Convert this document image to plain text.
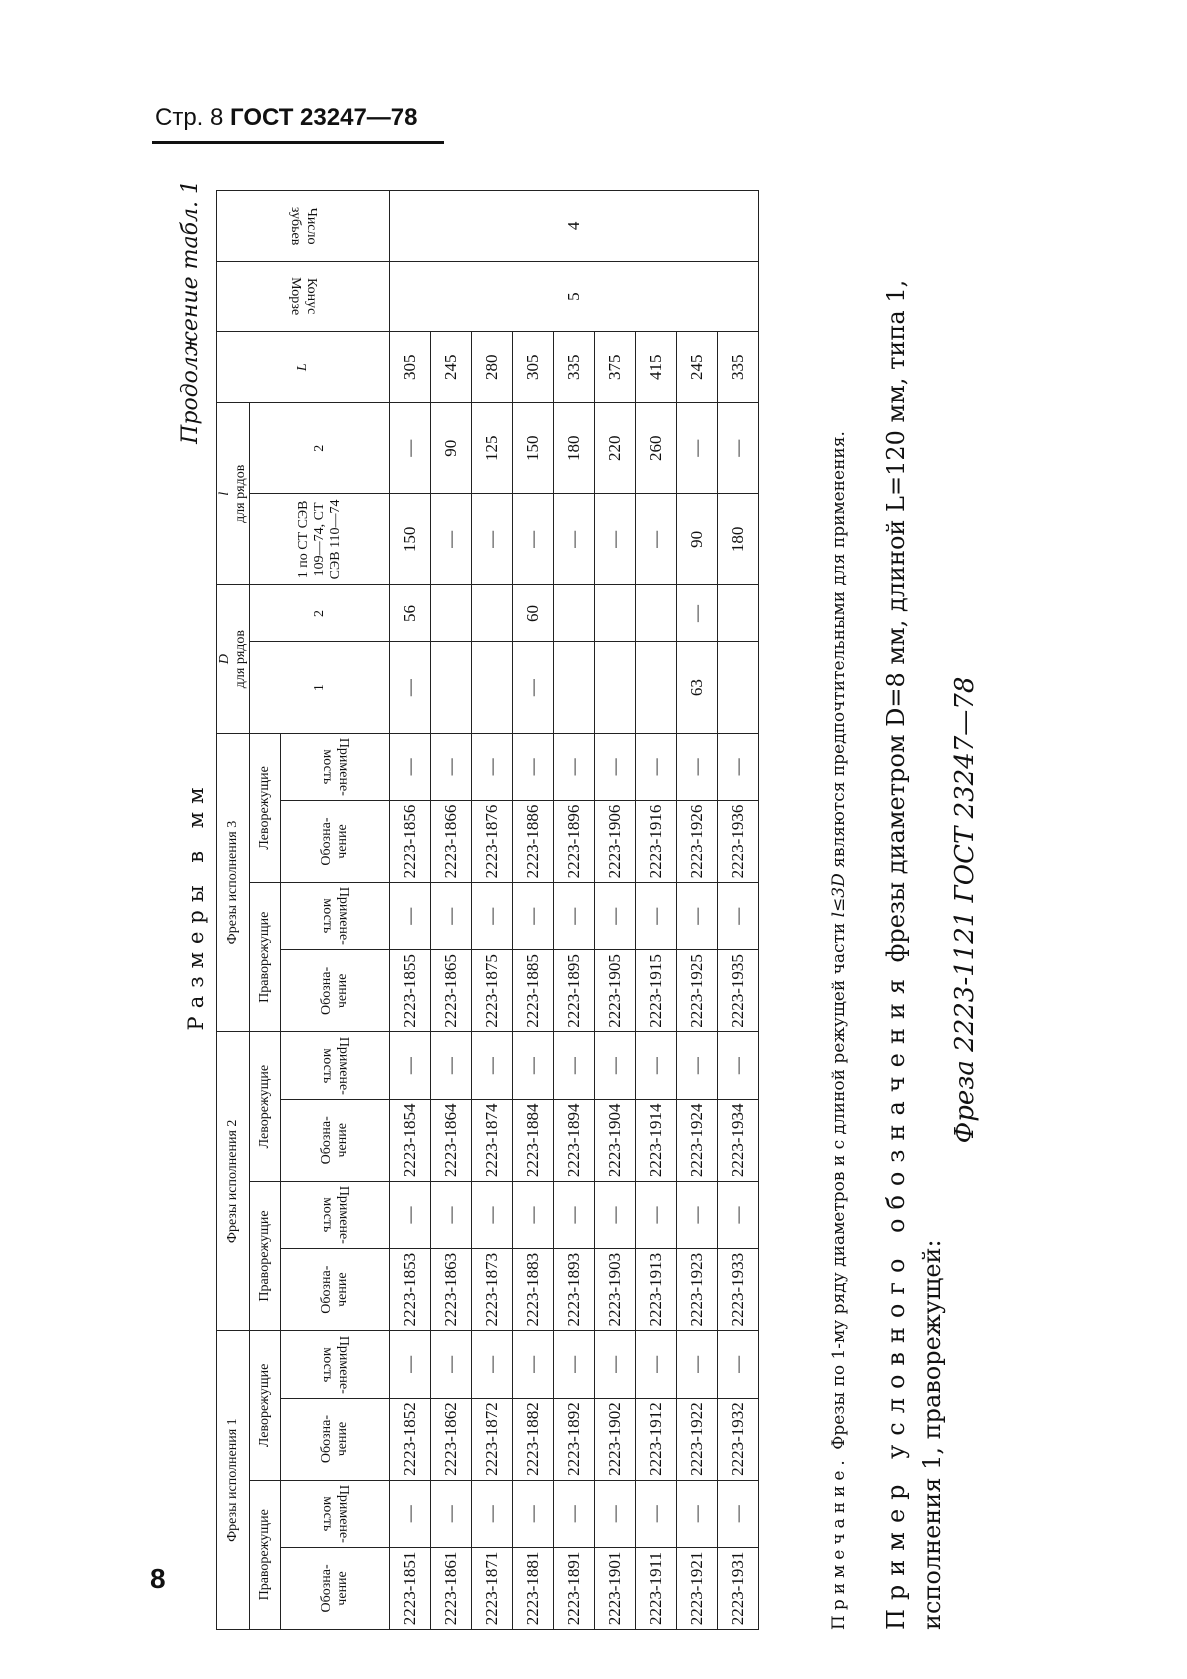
Стр. 8 ГОСТ 23247—78
8
Продолжение табл. 1
Размеры в мм
Фрезы исполнения 1				Фрезы исполнения 2				Фрезы исполнения 3				D
для рядов		l
для рядов		L	Конус Морзе	Число зубьев
Праворежущие		Леворежущие		Праворежущие		Леворежущие		Праворежущие		Леворежущие		1	2	1 по СТ СЭВ 109—74, СТ СЭВ 110—74	2			
Обозна-чение	Примене-мость	Обозна-чение	Примене-мость	Обозна-чение	Примене-мость	Обозна-чение	Примене-мость	Обозна-чение	Примене-мость	Обозна-чение	Примене-мость							
2223-1851	—	2223-1852	—	2223-1853	—	2223-1854	—	2223-1855	—	2223-1856	—	—	56	150	—	305	5	4
2223-1861	—	2223-1862	—	2223-1863	—	2223-1864	—	2223-1865	—	2223-1866	—			—	90	245		
2223-1871	—	2223-1872	—	2223-1873	—	2223-1874	—	2223-1875	—	2223-1876	—			—	125	280		
2223-1881	—	2223-1882	—	2223-1883	—	2223-1884	—	2223-1885	—	2223-1886	—	—	60	—	150	305		
2223-1891	—	2223-1892	—	2223-1893	—	2223-1894	—	2223-1895	—	2223-1896	—			—	180	335		
2223-1901	—	2223-1902	—	2223-1903	—	2223-1904	—	2223-1905	—	2223-1906	—			—	220	375		
2223-1911	—	2223-1912	—	2223-1913	—	2223-1914	—	2223-1915	—	2223-1916	—			—	260	415		
2223-1921	—	2223-1922	—	2223-1923	—	2223-1924	—	2223-1925	—	2223-1926	—	63	—	90	—	245		
2223-1931	—	2223-1932	—	2223-1933	—	2223-1934	—	2223-1935	—	2223-1936	—			180	—	335		
Примечание. Фрезы по 1-му ряду диаметров и с длиной режущей части l≤3D являются предпочтительными для применения.
Пример условного обозначения фрезы диаметром D=8 мм, длиной L=120 мм, типа 1, исполнения 1, праворежущей:
Фреза 2223-1121 ГОСТ 23247—78
